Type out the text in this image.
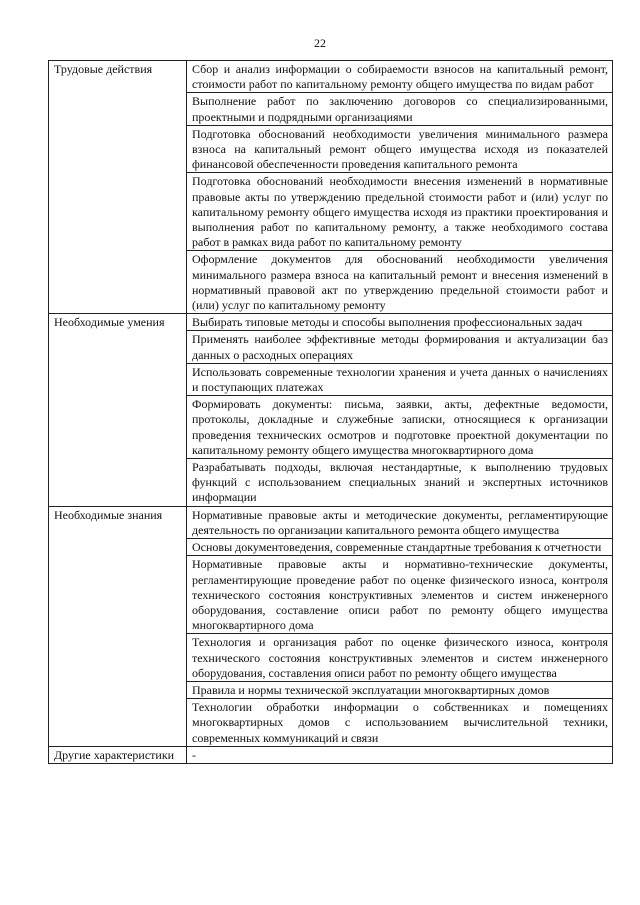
22
Трудовые действия	Сбор и анализ информации о собираемости взносов на капитальный ремонт, стоимости работ по капитальному ремонту общего имущества по видам работ
	Выполнение работ по заключению договоров со специализированными, проектными и подрядными организациями
	Подготовка обоснований необходимости увеличения минимального размера взноса на капитальный ремонт общего имущества исходя из показателей финансовой обеспеченности проведения капитального ремонта
	Подготовка обоснований необходимости внесения изменений в нормативные правовые акты по утверждению предельной стоимости работ и (или) услуг по капитальному ремонту общего имущества исходя из практики проектирования и выполнения работ по капитальному ремонту, а также необходимого состава работ в рамках вида работ по капитальному ремонту
	Оформление документов для обоснований необходимости увеличения минимального размера взноса на капитальный ремонт и внесения изменений в нормативный правовой акт по утверждению предельной стоимости работ и (или) услуг по капитальному ремонту
Необходимые умения	Выбирать типовые методы и способы выполнения профессиональных задач
	Применять наиболее эффективные методы формирования и актуализации баз данных о расходных операциях
	Использовать современные технологии хранения и учета данных о начислениях и поступающих платежах
	Формировать документы: письма, заявки, акты, дефектные ведомости, протоколы, докладные и служебные записки, относящиеся к организации проведения технических осмотров и подготовке проектной документации по капитальному ремонту общего имущества многоквартирного дома
	Разрабатывать подходы, включая нестандартные, к выполнению трудовых функций с использованием специальных знаний и экспертных источников информации
Необходимые знания	Нормативные правовые акты и методические документы, регламентирующие деятельность по организации капитального ремонта общего имущества
	Основы документоведения, современные стандартные требования к отчетности
	Нормативные правовые акты и нормативно-технические документы, регламентирующие проведение работ по оценке физического износа, контроля технического состояния конструктивных элементов и систем инженерного оборудования, составление описи работ по ремонту общего имущества многоквартирного дома
	Технология и организация работ по оценке физического износа, контроля технического состояния конструктивных элементов и систем инженерного оборудования, составления описи работ по ремонту общего имущества
	Правила и нормы технической эксплуатации многоквартирных домов
	Технологии обработки информации о собственниках и помещениях многоквартирных домов с использованием вычислительной техники, современных коммуникаций и связи
Другие характеристики	-
